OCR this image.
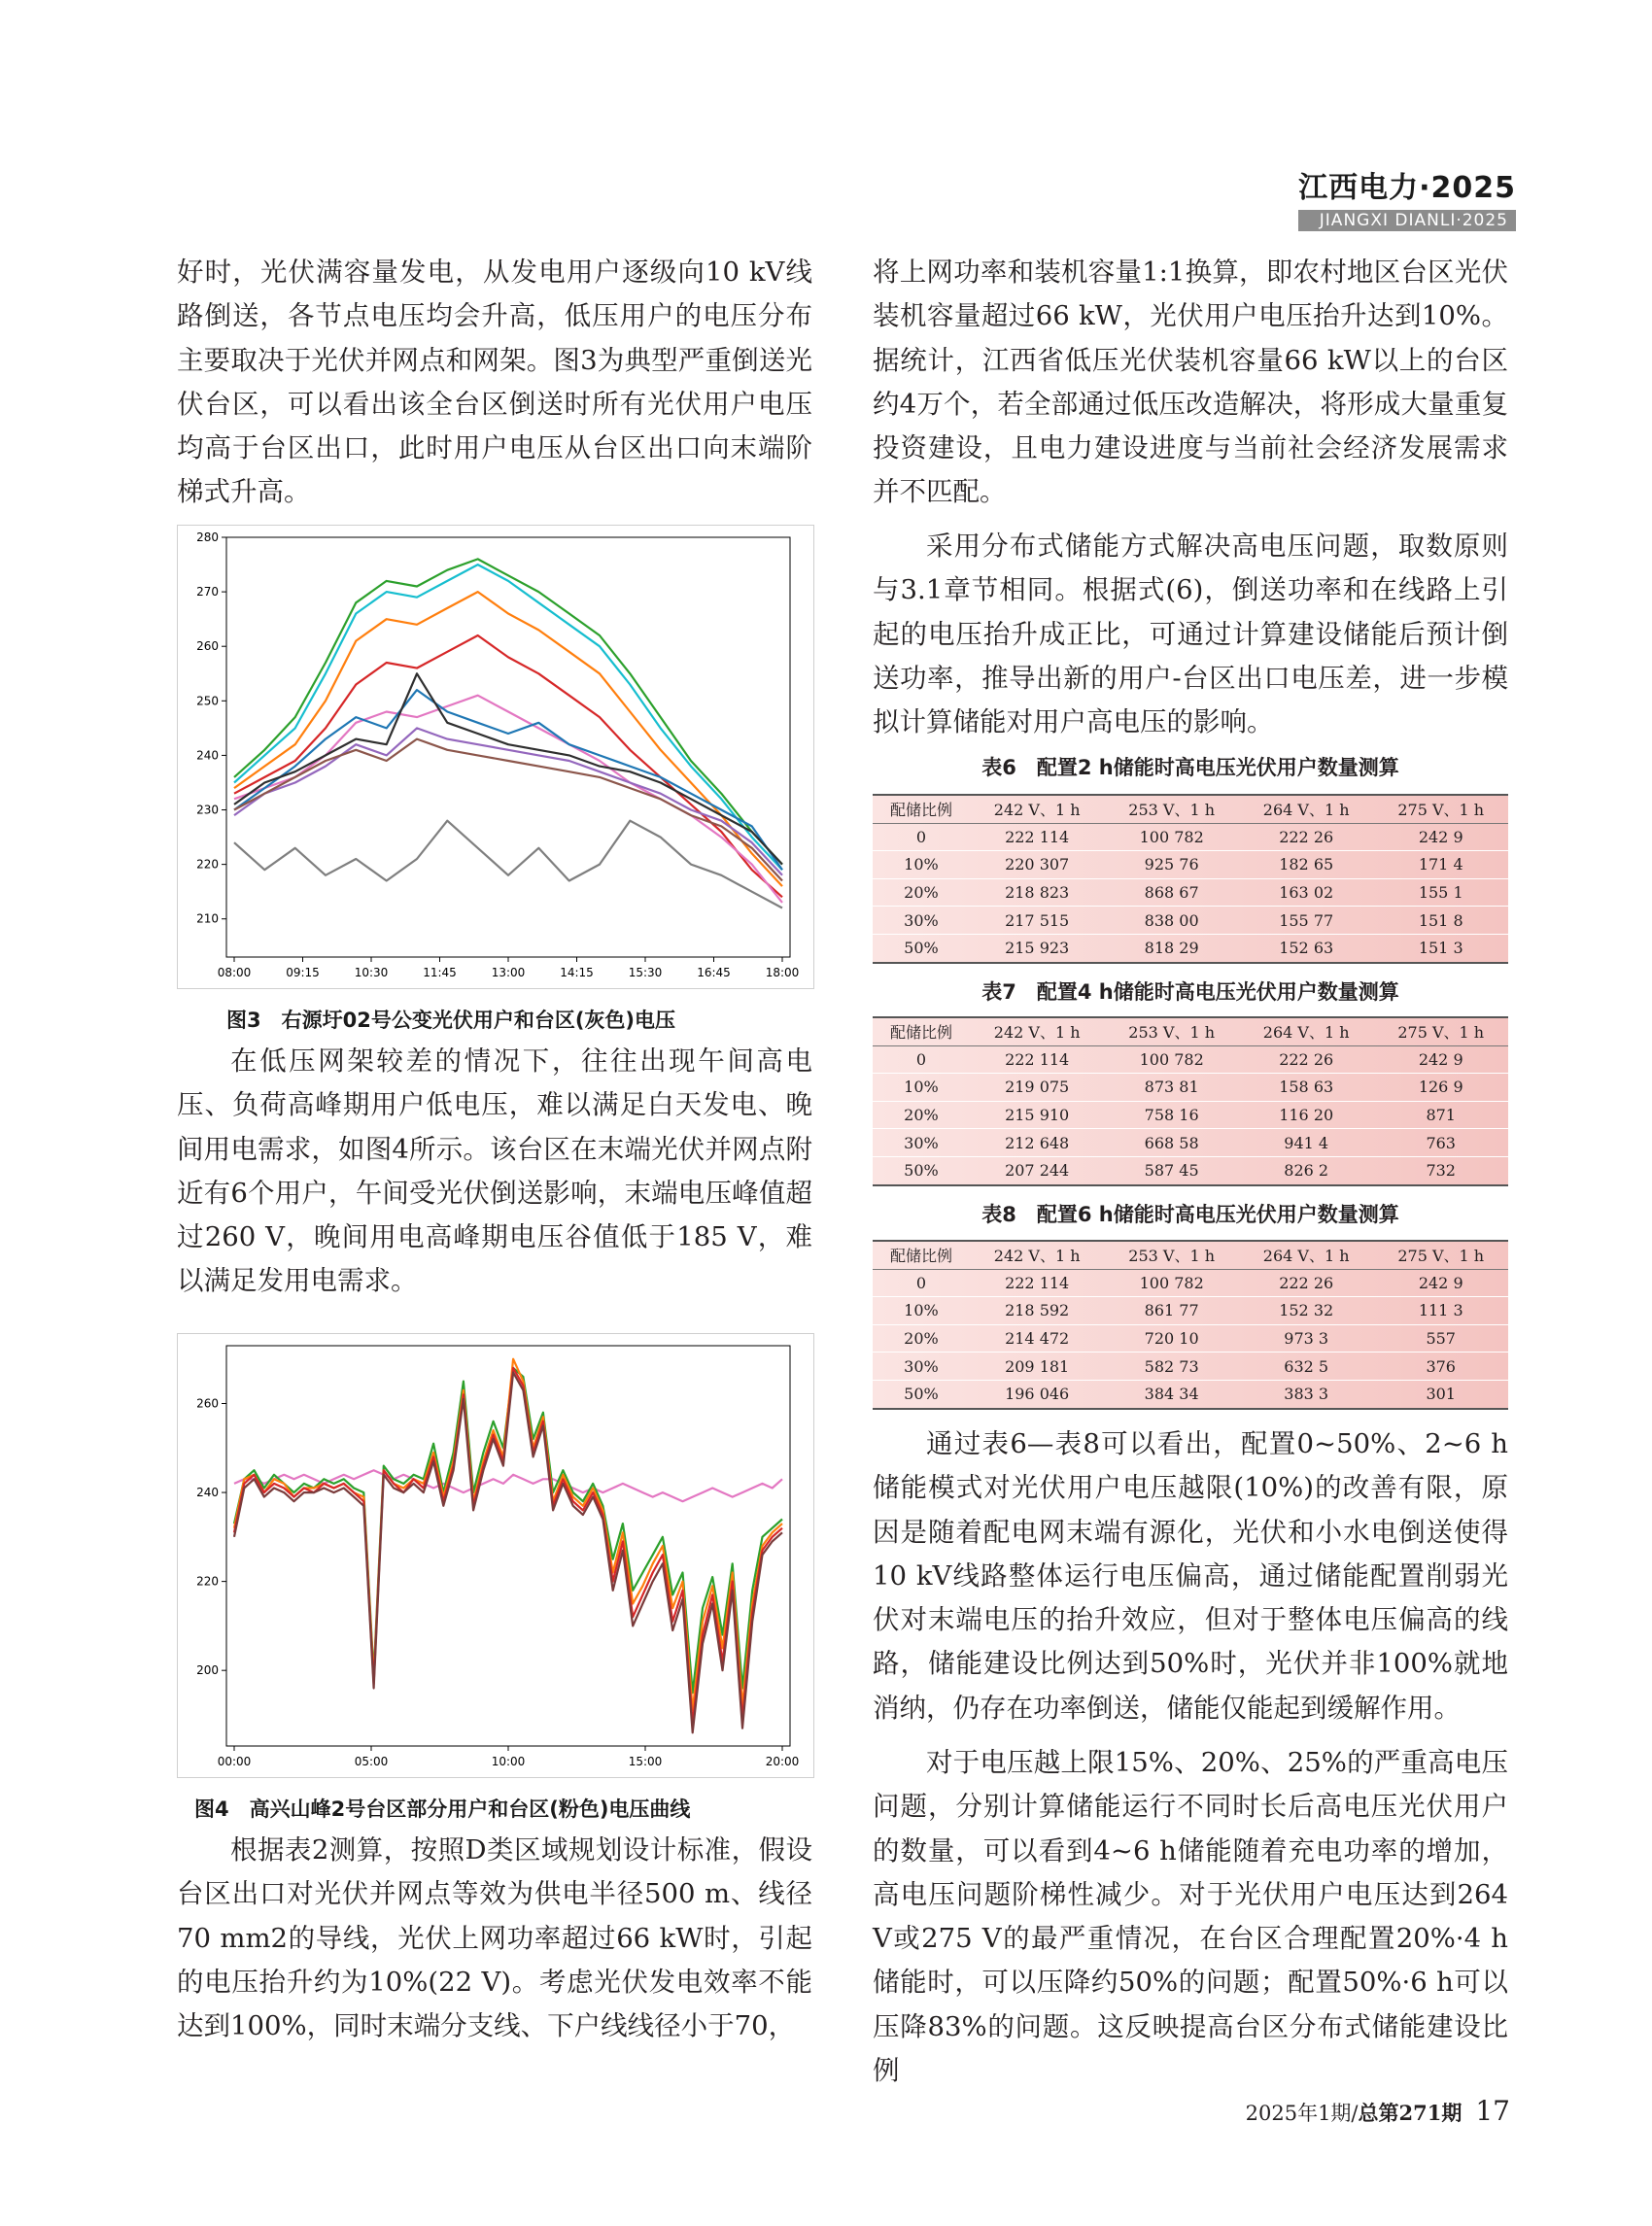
江西电力·2025
JIANGXI DIANLI·2025

好时，光伏满容量发电，从发电用户逐级向10 kV线路倒送，各节点电压均会升高，低压用户的电压分布主要取决于光伏并网点和网架。图3为典型严重倒送光伏台区，可以看出该全台区倒送时所有光伏用户电压均高于台区出口，此时用户电压从台区出口向末端阶梯式升高。

210
220
230
240
250
260
270
280
08:00	09:15	10:30	11:45	13:00	14:15	15:30	16:45	18:00
图3　右源圩02号公变光伏用户和台区(灰色)电压

在低压网架较差的情况下，往往出现午间高电压、负荷高峰期用户低电压，难以满足白天发电、晚间用电需求，如图4所示。该台区在末端光伏并网点附近有6个用户，午间受光伏倒送影响，末端电压峰值超过260 V，晚间用电高峰期电压谷值低于185 V，难以满足发用电需求。

200
220
240
260
00:00	05:00	10:00	15:00	20:00
图4　高兴山峰2号台区部分用户和台区(粉色)电压曲线

根据表2测算，按照D类区域规划设计标准，假设台区出口对光伏并网点等效为供电半径500 m、线径70 mm2的导线，光伏上网功率超过66 kW时，引起的电压抬升约为10%(22 V)。考虑光伏发电效率不能达到100%，同时末端分支线、下户线线径小于70，

将上网功率和装机容量1:1换算，即农村地区台区光伏装机容量超过66 kW，光伏用户电压抬升达到10%。据统计，江西省低压光伏装机容量66 kW以上的台区约4万个，若全部通过低压改造解决，将形成大量重复投资建设，且电力建设进度与当前社会经济发展需求并不匹配。

采用分布式储能方式解决高电压问题，取数原则与3.1章节相同。根据式(6)，倒送功率和在线路上引起的电压抬升成正比，可通过计算建设储能后预计倒送功率，推导出新的用户-台区出口电压差，进一步模拟计算储能对用户高电压的影响。

表6　配置2 h储能时高电压光伏用户数量测算
配储比例	242 V、1 h	253 V、1 h	264 V、1 h	275 V、1 h
0	222 114	100 782	222 26	242 9
10%	220 307	925 76	182 65	171 4
20%	218 823	868 67	163 02	155 1
30%	217 515	838 00	155 77	151 8
50%	215 923	818 29	152 63	151 3
表7　配置4 h储能时高电压光伏用户数量测算
配储比例	242 V、1 h	253 V、1 h	264 V、1 h	275 V、1 h
0	222 114	100 782	222 26	242 9
10%	219 075	873 81	158 63	126 9
20%	215 910	758 16	116 20	871
30%	212 648	668 58	941 4	763
50%	207 244	587 45	826 2	732
表8　配置6 h储能时高电压光伏用户数量测算
配储比例	242 V、1 h	253 V、1 h	264 V、1 h	275 V、1 h
0	222 114	100 782	222 26	242 9
10%	218 592	861 77	152 32	111 3
20%	214 472	720 10	973 3	557
30%	209 181	582 73	632 5	376
50%	196 046	384 34	383 3	301

通过表6—表8可以看出，配置0~50%、2~6 h储能模式对光伏用户电压越限(10%)的改善有限，原因是随着配电网末端有源化，光伏和小水电倒送使得10 kV线路整体运行电压偏高，通过储能配置削弱光伏对末端电压的抬升效应，但对于整体电压偏高的线路，储能建设比例达到50%时，光伏并非100%就地消纳，仍存在功率倒送，储能仅能起到缓解作用。

对于电压越上限15%、20%、25%的严重高电压问题，分别计算储能运行不同时长后高电压光伏用户的数量，可以看到4~6 h储能随着充电功率的增加，高电压问题阶梯性减少。对于光伏用户电压达到264 V或275 V的最严重情况，在台区合理配置20%·4 h储能时，可以压降约50%的问题；配置50%·6 h可以压降83%的问题。这反映提高台区分布式储能建设比例

2025年1期/总第271期 17
